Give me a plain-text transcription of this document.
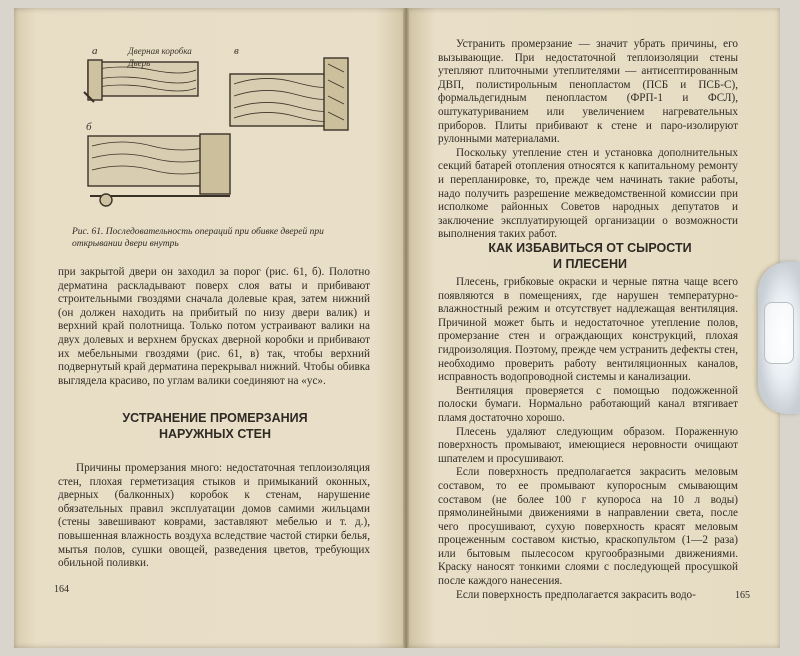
а	в
б
Дверная коробка
Дверь
Рис. 61. Последовательность операций при обивке дверей при открывании двери внутрь

при закрытой двери он заходил за порог (рис. 61, б). Полотно дерматина раскладывают поверх слоя ваты и прибивают строительными гвоздями сначала долевые края, затем нижний (он должен находить на прибитый по низу двери валик) и верхний край полотнища. Только потом устраивают валики на двух долевых и верхнем брусках дверной коробки и прибивают их мебельными гвоздями (рис. 61, в) так, чтобы верхний подвернутый край дерматина перекрывал нижний. Чтобы обивка выглядела красиво, по углам валики соединяют на «ус».

УСТРАНЕНИЕ ПРОМЕРЗАНИЯ
НАРУЖНЫХ СТЕН

Причины промерзания много: недостаточная теплоизоляция стен, плохая герметизация стыков и примыканий оконных, дверных (балконных) коробок к стенам, нарушение обязательных правил эксплуатации домов самими жильцами (стены завешивают коврами, заставляют мебелью и т. д.), повышенная влажность воздуха вследствие частой стирки белья, мытья полов, сушки овощей, разведения цветов, требующих обильной поливки.

164

Устранить промерзание — значит убрать причины, его вызывающие. При недостаточной теплоизоляции стены утепляют плиточными утеплителями — антисептированным ДВП, полистирольным пенопластом (ПСБ и ПСБ-С), формальдегидным пенопластом (ФРП-1 и ФСЛ), оштукатуриванием или увеличением нагревательных приборов. Плиты прибивают к стене и паро-изолируют рулонными материалами.

Поскольку утепление стен и установка дополнительных секций батарей отопления относятся к капитальному ремонту и перепланировке, то, прежде чем начинать такие работы, надо получить разрешение межведомственной комиссии при исполкоме районных Советов народных депутатов и заключение эксплуатирующей организации о возможности выполнения таких работ.

КАК ИЗБАВИТЬСЯ ОТ СЫРОСТИ
И ПЛЕСЕНИ

Плесень, грибковые окраски и черные пятна чаще всего появляются в помещениях, где нарушен температурно-влажностный режим и отсутствует надлежащая вентиляция. Причиной может быть и недостаточное утепление полов, промерзание стен и ограждающих конструкций, плохая гидроизоляция. Поэтому, прежде чем устранить дефекты стен, необходимо проверить работу вентиляционных каналов, исправность водопроводной системы и канализации.

Вентиляция проверяется с помощью подожженной полоски бумаги. Нормально работающий канал втягивает пламя достаточно хорошо.

Плесень удаляют следующим образом. Пораженную поверхность промывают, имеющиеся неровности очищают шпателем и просушивают.

Если поверхность предполагается закрасить меловым составом, то ее промывают купоросным смывающим составом (не более 100 г купороса на 10 л воды) прямолинейными движениями в направлении света, после чего просушивают, сухую поверхность красят меловым процеженным составом кистью, краскопультом (1—2 раза) или бытовым пылесосом кругообразными движениями. Краску наносят тонкими слоями с последующей просушкой после каждого нанесения.

Если поверхность предполагается закрасить водо-	165
